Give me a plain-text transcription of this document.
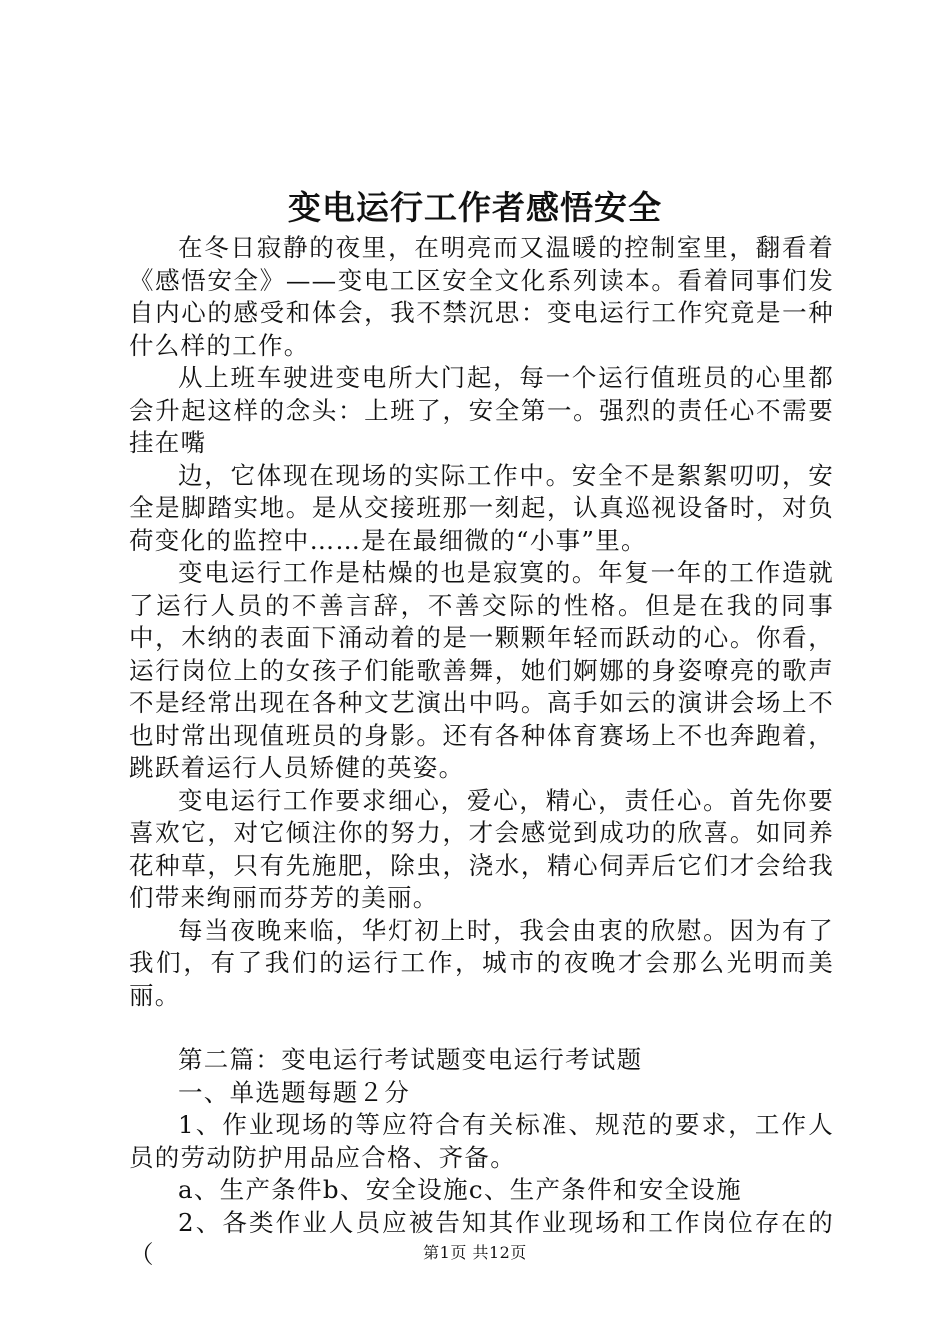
变电运行工作者感悟安全

在冬日寂静的夜里，在明亮而又温暖的控制室里，翻看着《感悟安全》——变电工区安全文化系列读本。看着同事们发自内心的感受和体会，我不禁沉思：变电运行工作究竟是一种什么样的工作。

从上班车驶进变电所大门起，每一个运行值班员的心里都会升起这样的念头：上班了，安全第一。强烈的责任心不需要挂在嘴

边，它体现在现场的实际工作中。安全不是絮絮叨叨，安全是脚踏实地。是从交接班那一刻起，认真巡视设备时，对负荷变化的监控中……是在最细微的“小事”里。

变电运行工作是枯燥的也是寂寞的。年复一年的工作造就了运行人员的不善言辞，不善交际的性格。但是在我的同事中，木纳的表面下涌动着的是一颗颗年轻而跃动的心。你看，运行岗位上的女孩子们能歌善舞，她们婀娜的身姿嘹亮的歌声不是经常出现在各种文艺演出中吗。高手如云的演讲会场上不也时常出现值班员的身影。还有各种体育赛场上不也奔跑着，跳跃着运行人员矫健的英姿。

变电运行工作要求细心，爱心，精心，责任心。首先你要喜欢它，对它倾注你的努力，才会感觉到成功的欣喜。如同养花种草，只有先施肥，除虫，浇水，精心伺弄后它们才会给我们带来绚丽而芬芳的美丽。

每当夜晚来临，华灯初上时，我会由衷的欣慰。因为有了我们，有了我们的运行工作，城市的夜晚才会那么光明而美丽。

第二篇：变电运行考试题变电运行考试题

一、单选题每题２分

1、作业现场的等应符合有关标准、规范的要求，工作人员的劳动防护用品应合格、齐备。

a、生产条件b、安全设施c、生产条件和安全设施

2、各类作业人员应被告知其作业现场和工作岗位存在的（	第1页 共12页
